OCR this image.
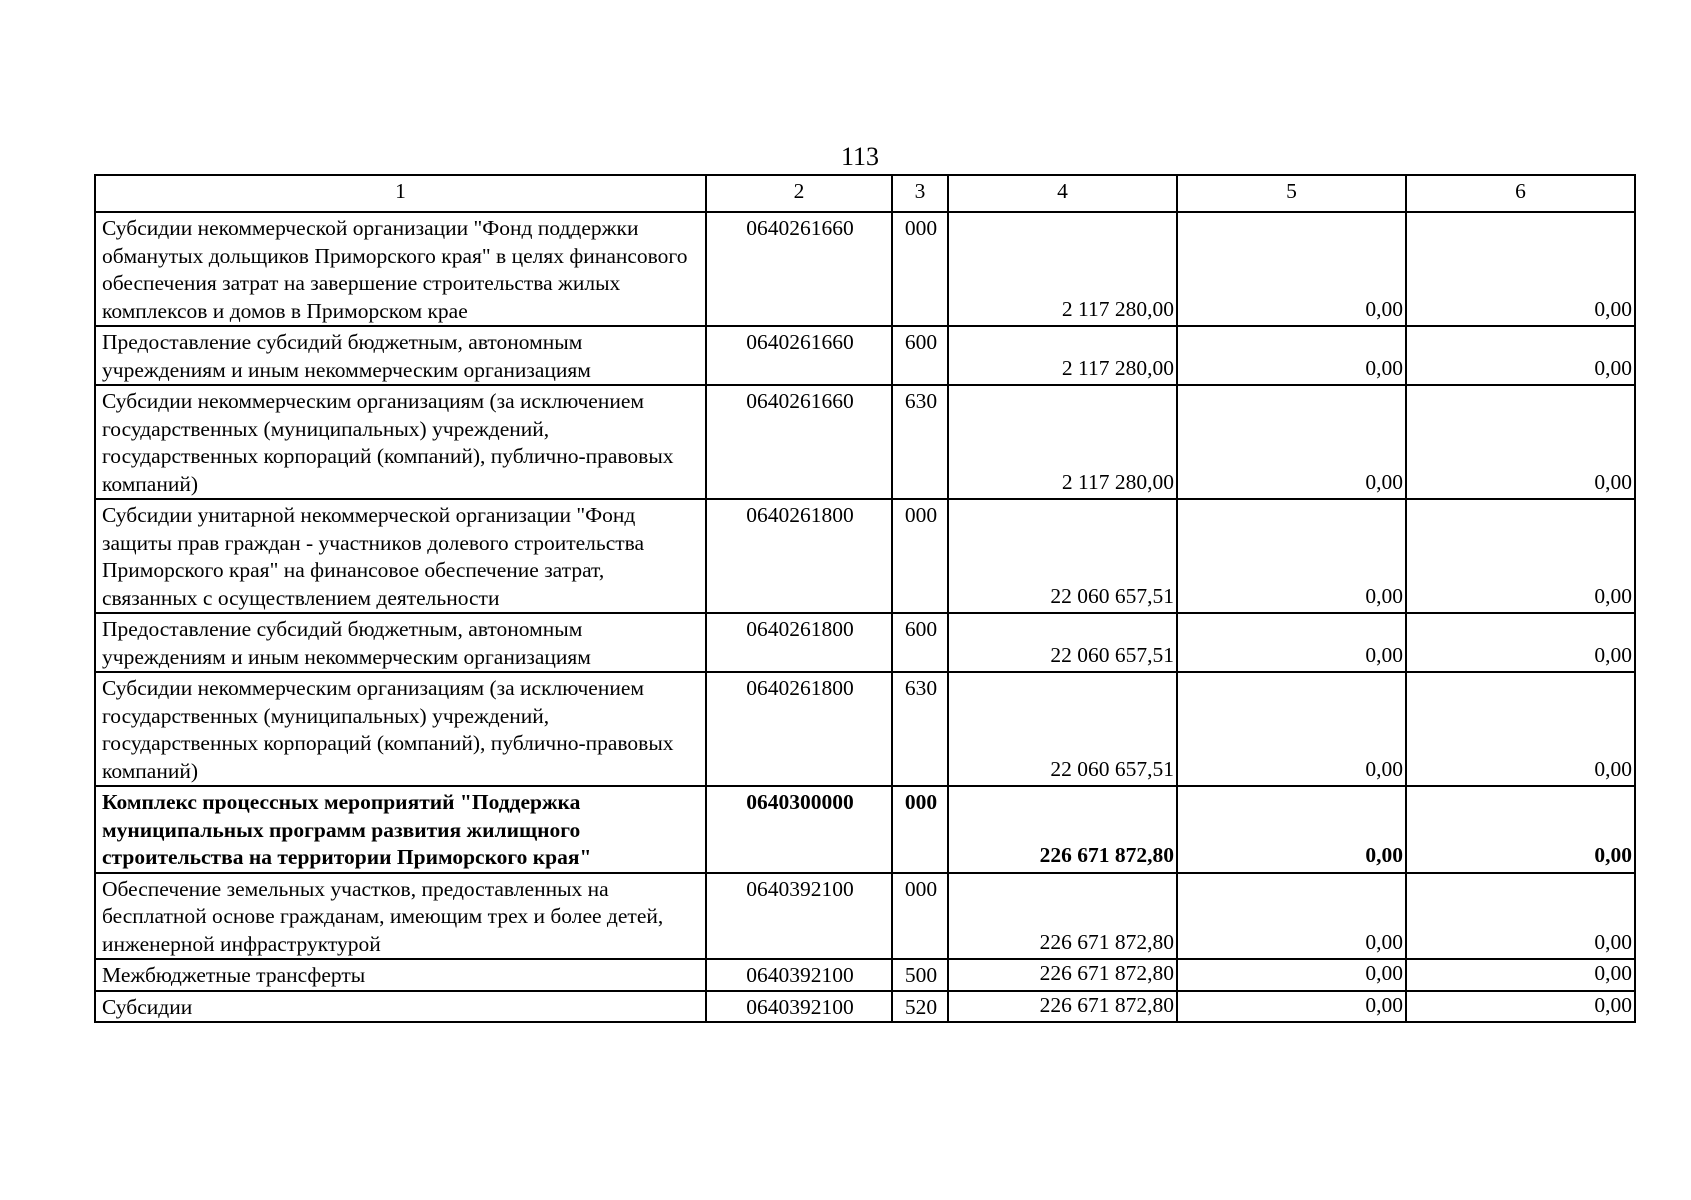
113
1	2	3	4	5	6
Субсидии некоммерческой организации "Фонд поддержки обманутых дольщиков Приморского края" в целях финансового обеспечения затрат на завершение строительства жилых комплексов и домов в Приморском крае	0640261660	000	2 117 280,00	0,00	0,00
Предоставление субсидий бюджетным, автономным учреждениям и иным некоммерческим организациям	0640261660	600	2 117 280,00	0,00	0,00
Субсидии некоммерческим организациям (за исключением государственных (муниципальных) учреждений, государственных корпораций (компаний), публично-правовых компаний)	0640261660	630	2 117 280,00	0,00	0,00
Субсидии унитарной некоммерческой организации "Фонд защиты прав граждан - участников долевого строительства Приморского края" на финансовое обеспечение затрат, связанных с осуществлением деятельности	0640261800	000	22 060 657,51	0,00	0,00
Предоставление субсидий бюджетным, автономным учреждениям и иным некоммерческим организациям	0640261800	600	22 060 657,51	0,00	0,00
Субсидии некоммерческим организациям (за исключением государственных (муниципальных) учреждений, государственных корпораций (компаний), публично-правовых компаний)	0640261800	630	22 060 657,51	0,00	0,00
Комплекс процессных мероприятий "Поддержка муниципальных программ развития жилищного строительства на территории Приморского края"	0640300000	000	226 671 872,80	0,00	0,00
Обеспечение земельных участков, предоставленных на бесплатной основе гражданам, имеющим трех и более детей, инженерной инфраструктурой	0640392100	000	226 671 872,80	0,00	0,00
Межбюджетные трансферты	0640392100	500	226 671 872,80	0,00	0,00
Субсидии	0640392100	520	226 671 872,80	0,00	0,00
